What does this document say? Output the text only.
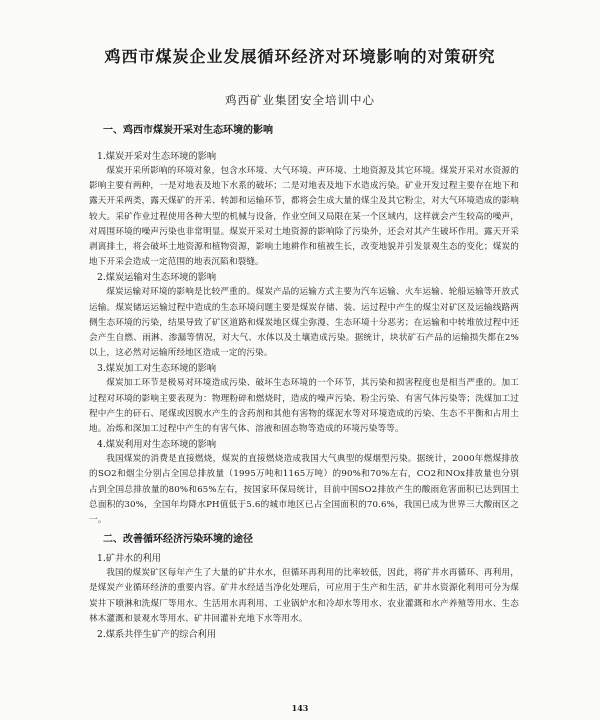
鸡西市煤炭企业发展循环经济对环境影响的对策研究
鸡西矿业集团安全培训中心

一、鸡西市煤炭开采对生态环境的影响

1.煤炭开采对生态环境的影响

煤炭开采所影响的环境对象，包含水环境、大气环境、声环境、土地资源及其它环境。煤炭开采对水资源的影响主要有两种，一是对地表及地下水系的破坏；二是对地表及地下水造成污染。矿业开发过程主要存在地下和露天开采两类，露天煤矿的开采、转卸和运输环节，都将会生成大量的煤尘及其它粉尘，对大气环境造成的影响较大。采矿作业过程使用各种大型的机械与设备，作业空间又局限在某一个区域内，这样就会产生较高的噪声，对周围环境的噪声污染也非常明显。煤炭开采对土地资源的影响除了污染外，还会对其产生破坏作用。露天开采剥离排土，将会破坏土地资源和植物资源，影响土地耕作和植被生长，改变地貌并引发景观生态的变化；煤炭的地下开采会造成一定范围的地表沉陷和裂缝。

2.煤炭运输对生态环境的影响

煤炭运输对环境的影响是比较严重的。煤炭产品的运输方式主要为汽车运输、火车运输、轮船运输等开放式运输。煤炭储运运输过程中造成的生态环境问题主要是煤炭存储、装、运过程中产生的煤尘对矿区及运输线路两侧生态环境的污染，结果导致了矿区道路和煤炭地区煤尘弥漫、生态环境十分恶劣；在运输和中转堆放过程中还会产生自燃、雨淋、渗漏等情况，对大气、水体以及土壤造成污染。据统计，块状矿石产品的运输损失都在2%以上，这必然对运输所经地区造成一定的污染。

3.煤炭加工对生态环境的影响

煤炭加工环节是极易对环境造成污染、破坏生态环境的一个环节，其污染和损害程度也是相当严重的。加工过程对环境的影响主要表现为：物理粉碎和燃烧时，造成的噪声污染、粉尘污染、有害气体污染等；洗煤加工过程中产生的矸石、尾煤或因脱水产生的含药剂和其他有害物的煤泥水等对环境造成的污染、生态不平衡和占用土地。冶炼和深加工过程中产生的有害气体、溶液和固态物等造成的环境污染等等。

4.煤炭利用对生态环境的影响

我国煤炭的消费是直接燃烧，煤炭的直接燃烧造成我国大气典型的煤烟型污染。据统计，2000年燃煤排放的SO2和烟尘分别占全国总排放量（1995万吨和1165万吨）的90%和70%左右，CO2和NOx排放量也分别占到全国总排放量的80%和65%左右，按国家环保局统计，目前中国SO2排放产生的酸雨危害面积已达到国土总面积的30%，全国年均降水PH值低于5.6的城市地区已占全国面积的70.6%，我国已成为世界三大酸雨区之一。

二、改善循环经济污染环境的途径

1.矿井水的利用

我国的煤炭矿区每年产生了大量的矿井水水，但循环再利用的比率较低，因此，将矿井水再循环、再利用，是煤炭产业循环经济的重要内容。矿井水经适当净化处理后，可应用于生产和生活，矿井水资源化利用可分为煤炭井下喷淋和洗煤厂等用水、生活用水再利用、工业锅炉水和冷却水等用水、农业灌溉和水产养殖等用水、生态林木灌溉和景观水等用水、矿井回灌补充地下水等用水。

2.煤系共伴生矿产的综合利用

143
